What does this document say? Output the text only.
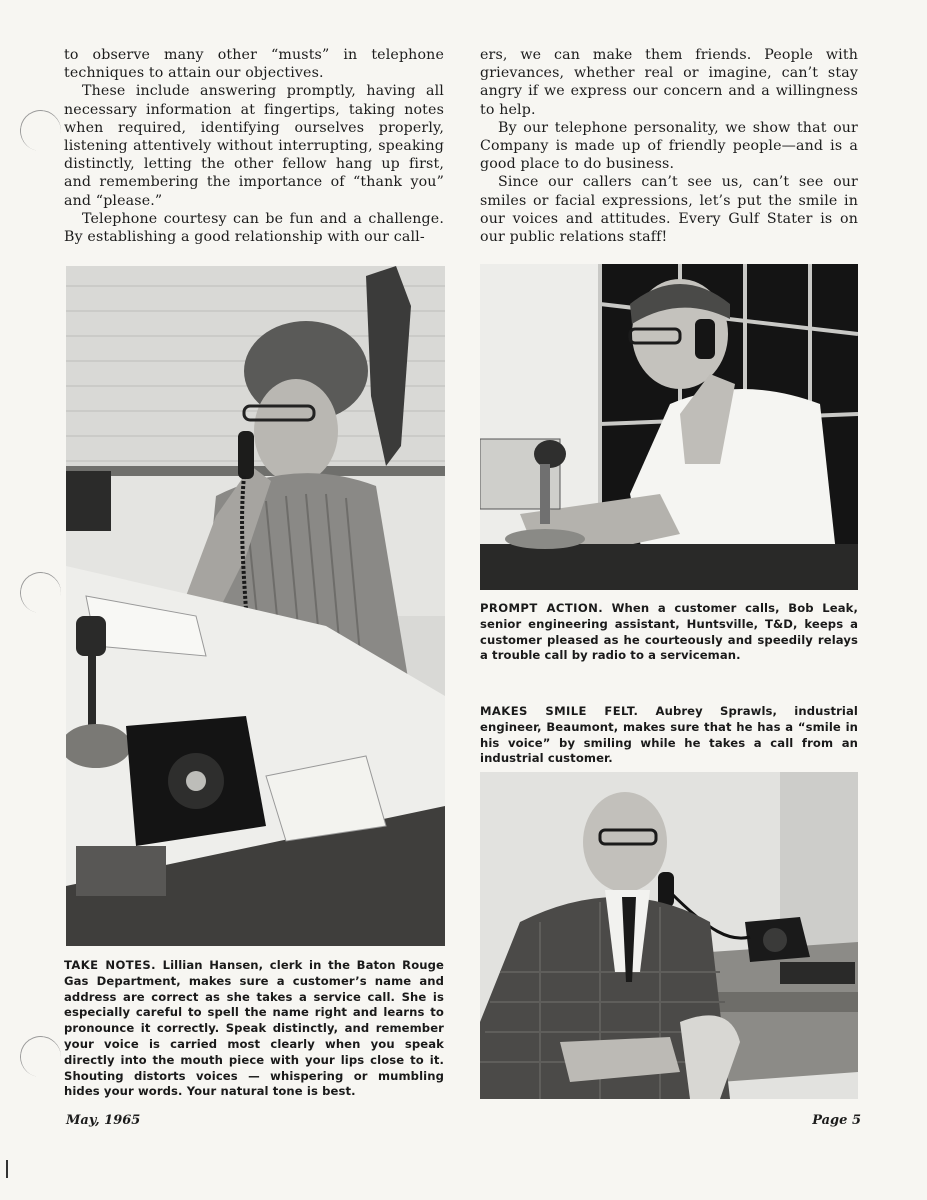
to observe many other “musts” in telephone techniques to attain our objectives.

These include answering promptly, having all necessary information at fingertips, taking notes when required, identifying ourselves properly, listening attentively without interrupting, speaking distinctly, letting the other fellow hang up first, and remembering the importance of “thank you” and “please.”

Telephone courtesy can be fun and a challenge. By establishing a good relationship with our call-

ers, we can make them friends. People with grievances, whether real or imagine, can’t stay angry if we express our concern and a willingness to help.

By our telephone personality, we show that our Company is made up of friendly people—and is a good place to do business.

Since our callers can’t see us, can’t see our smiles or facial expressions, let’s put the smile in our voices and attitudes. Every Gulf Stater is on our public relations staff!

PROMPT ACTION. When a customer calls, Bob Leak, senior engineering assistant, Huntsville, T&D, keeps a customer pleased as he courteously and speedily relays a trouble call by radio to a serviceman.
MAKES SMILE FELT. Aubrey Sprawls, industrial engineer, Beaumont, makes sure that he has a “smile in his voice” by smiling while he takes a call from an industrial customer.
TAKE NOTES. Lillian Hansen, clerk in the Baton Rouge Gas Department, makes sure a customer’s name and address are correct as she takes a service call. She is especially careful to spell the name right and learns to pronounce it correctly. Speak distinctly, and remember your voice is carried most clearly when you speak directly into the mouth piece with your lips close to it. Shouting distorts voices — whispering or mumbling hides your words. Your natural tone is best.
May, 1965	Page 5
